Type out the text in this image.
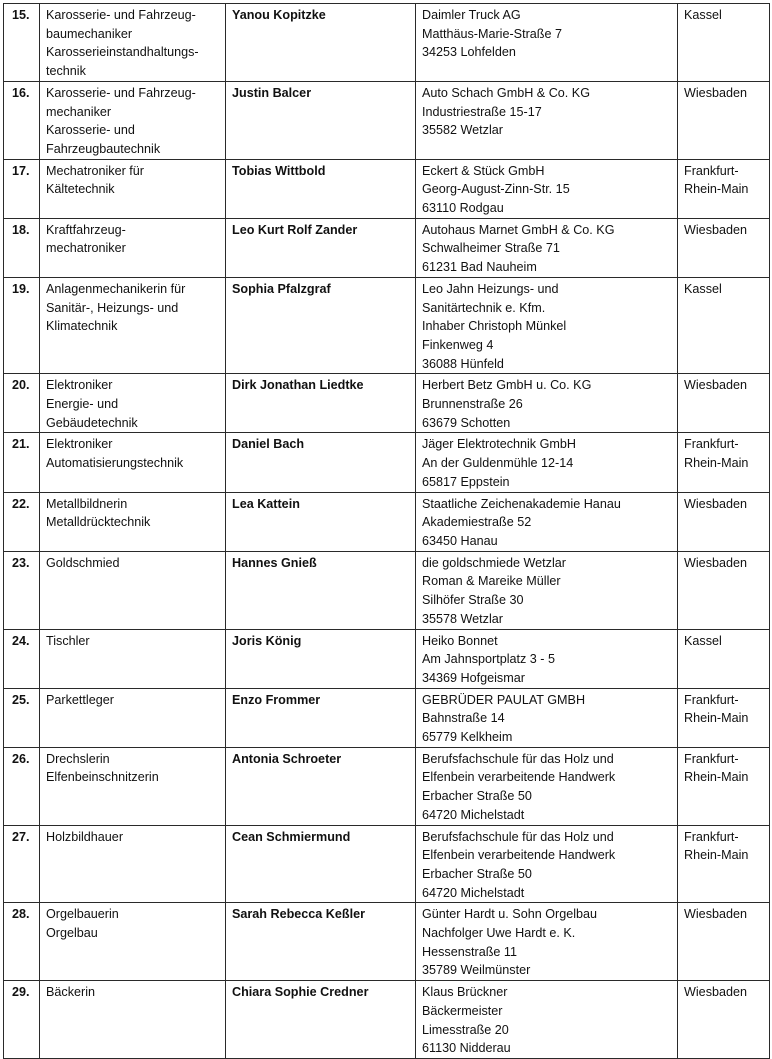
15.	Karosserie- und Fahrzeug-
baumechaniker
Karosserieinstandhaltungs-
technik	Yanou Kopitzke	Daimler Truck AG
Matthäus-Marie-Straße 7
34253 Lohfelden	Kassel

16.	Karosserie- und Fahrzeug-
mechaniker
Karosserie- und
Fahrzeugbautechnik	Justin Balcer	Auto Schach GmbH & Co. KG
Industriestraße 15-17
35582 Wetzlar	Wiesbaden

17.	Mechatroniker für
Kältetechnik	Tobias Wittbold	Eckert & Stück GmbH
Georg-August-Zinn-Str. 15
63110 Rodgau	Frankfurt-
Rhein-Main

18.	Kraftfahrzeug-
mechatroniker	Leo Kurt Rolf Zander	Autohaus Marnet GmbH & Co. KG
Schwalheimer Straße 71
61231 Bad Nauheim	Wiesbaden

19.	Anlagenmechanikerin für
Sanitär-, Heizungs- und
Klimatechnik	Sophia Pfalzgraf	Leo Jahn Heizungs- und
Sanitärtechnik e. Kfm.
Inhaber Christoph Münkel
Finkenweg 4
36088 Hünfeld	Kassel

20.	Elektroniker
Energie- und
Gebäudetechnik	Dirk Jonathan Liedtke	Herbert Betz GmbH u. Co. KG
Brunnenstraße 26
63679 Schotten	Wiesbaden

21.	Elektroniker
Automatisierungstechnik	Daniel Bach	Jäger Elektrotechnik GmbH
An der Guldenmühle 12-14
65817 Eppstein	Frankfurt-
Rhein-Main

22.	Metallbildnerin
Metalldrücktechnik	Lea Kattein	Staatliche Zeichenakademie Hanau
Akademiestraße 52
63450 Hanau	Wiesbaden

23.	Goldschmied	Hannes Gnieß	die goldschmiede Wetzlar
Roman & Mareike Müller
Silhöfer Straße 30
35578 Wetzlar	Wiesbaden

24.	Tischler	Joris König	Heiko Bonnet
Am Jahnsportplatz 3 - 5
34369 Hofgeismar	Kassel

25.	Parkettleger	Enzo Frommer	GEBRÜDER PAULAT GMBH
Bahnstraße 14
65779 Kelkheim	Frankfurt-
Rhein-Main

26.	Drechslerin
Elfenbeinschnitzerin	Antonia Schroeter	Berufsfachschule für das Holz und
Elfenbein verarbeitende Handwerk
Erbacher Straße 50
64720 Michelstadt	Frankfurt-
Rhein-Main

27.	Holzbildhauer	Cean Schmiermund	Berufsfachschule für das Holz und
Elfenbein verarbeitende Handwerk
Erbacher Straße 50
64720 Michelstadt	Frankfurt-
Rhein-Main

28.	Orgelbauerin
Orgelbau	Sarah Rebecca Keßler	Günter Hardt u. Sohn Orgelbau
Nachfolger Uwe Hardt e. K.
Hessenstraße 11
35789 Weilmünster	Wiesbaden

29.	Bäckerin	Chiara Sophie Credner	Klaus Brückner
Bäckermeister
Limesstraße 20
61130 Nidderau	Wiesbaden
